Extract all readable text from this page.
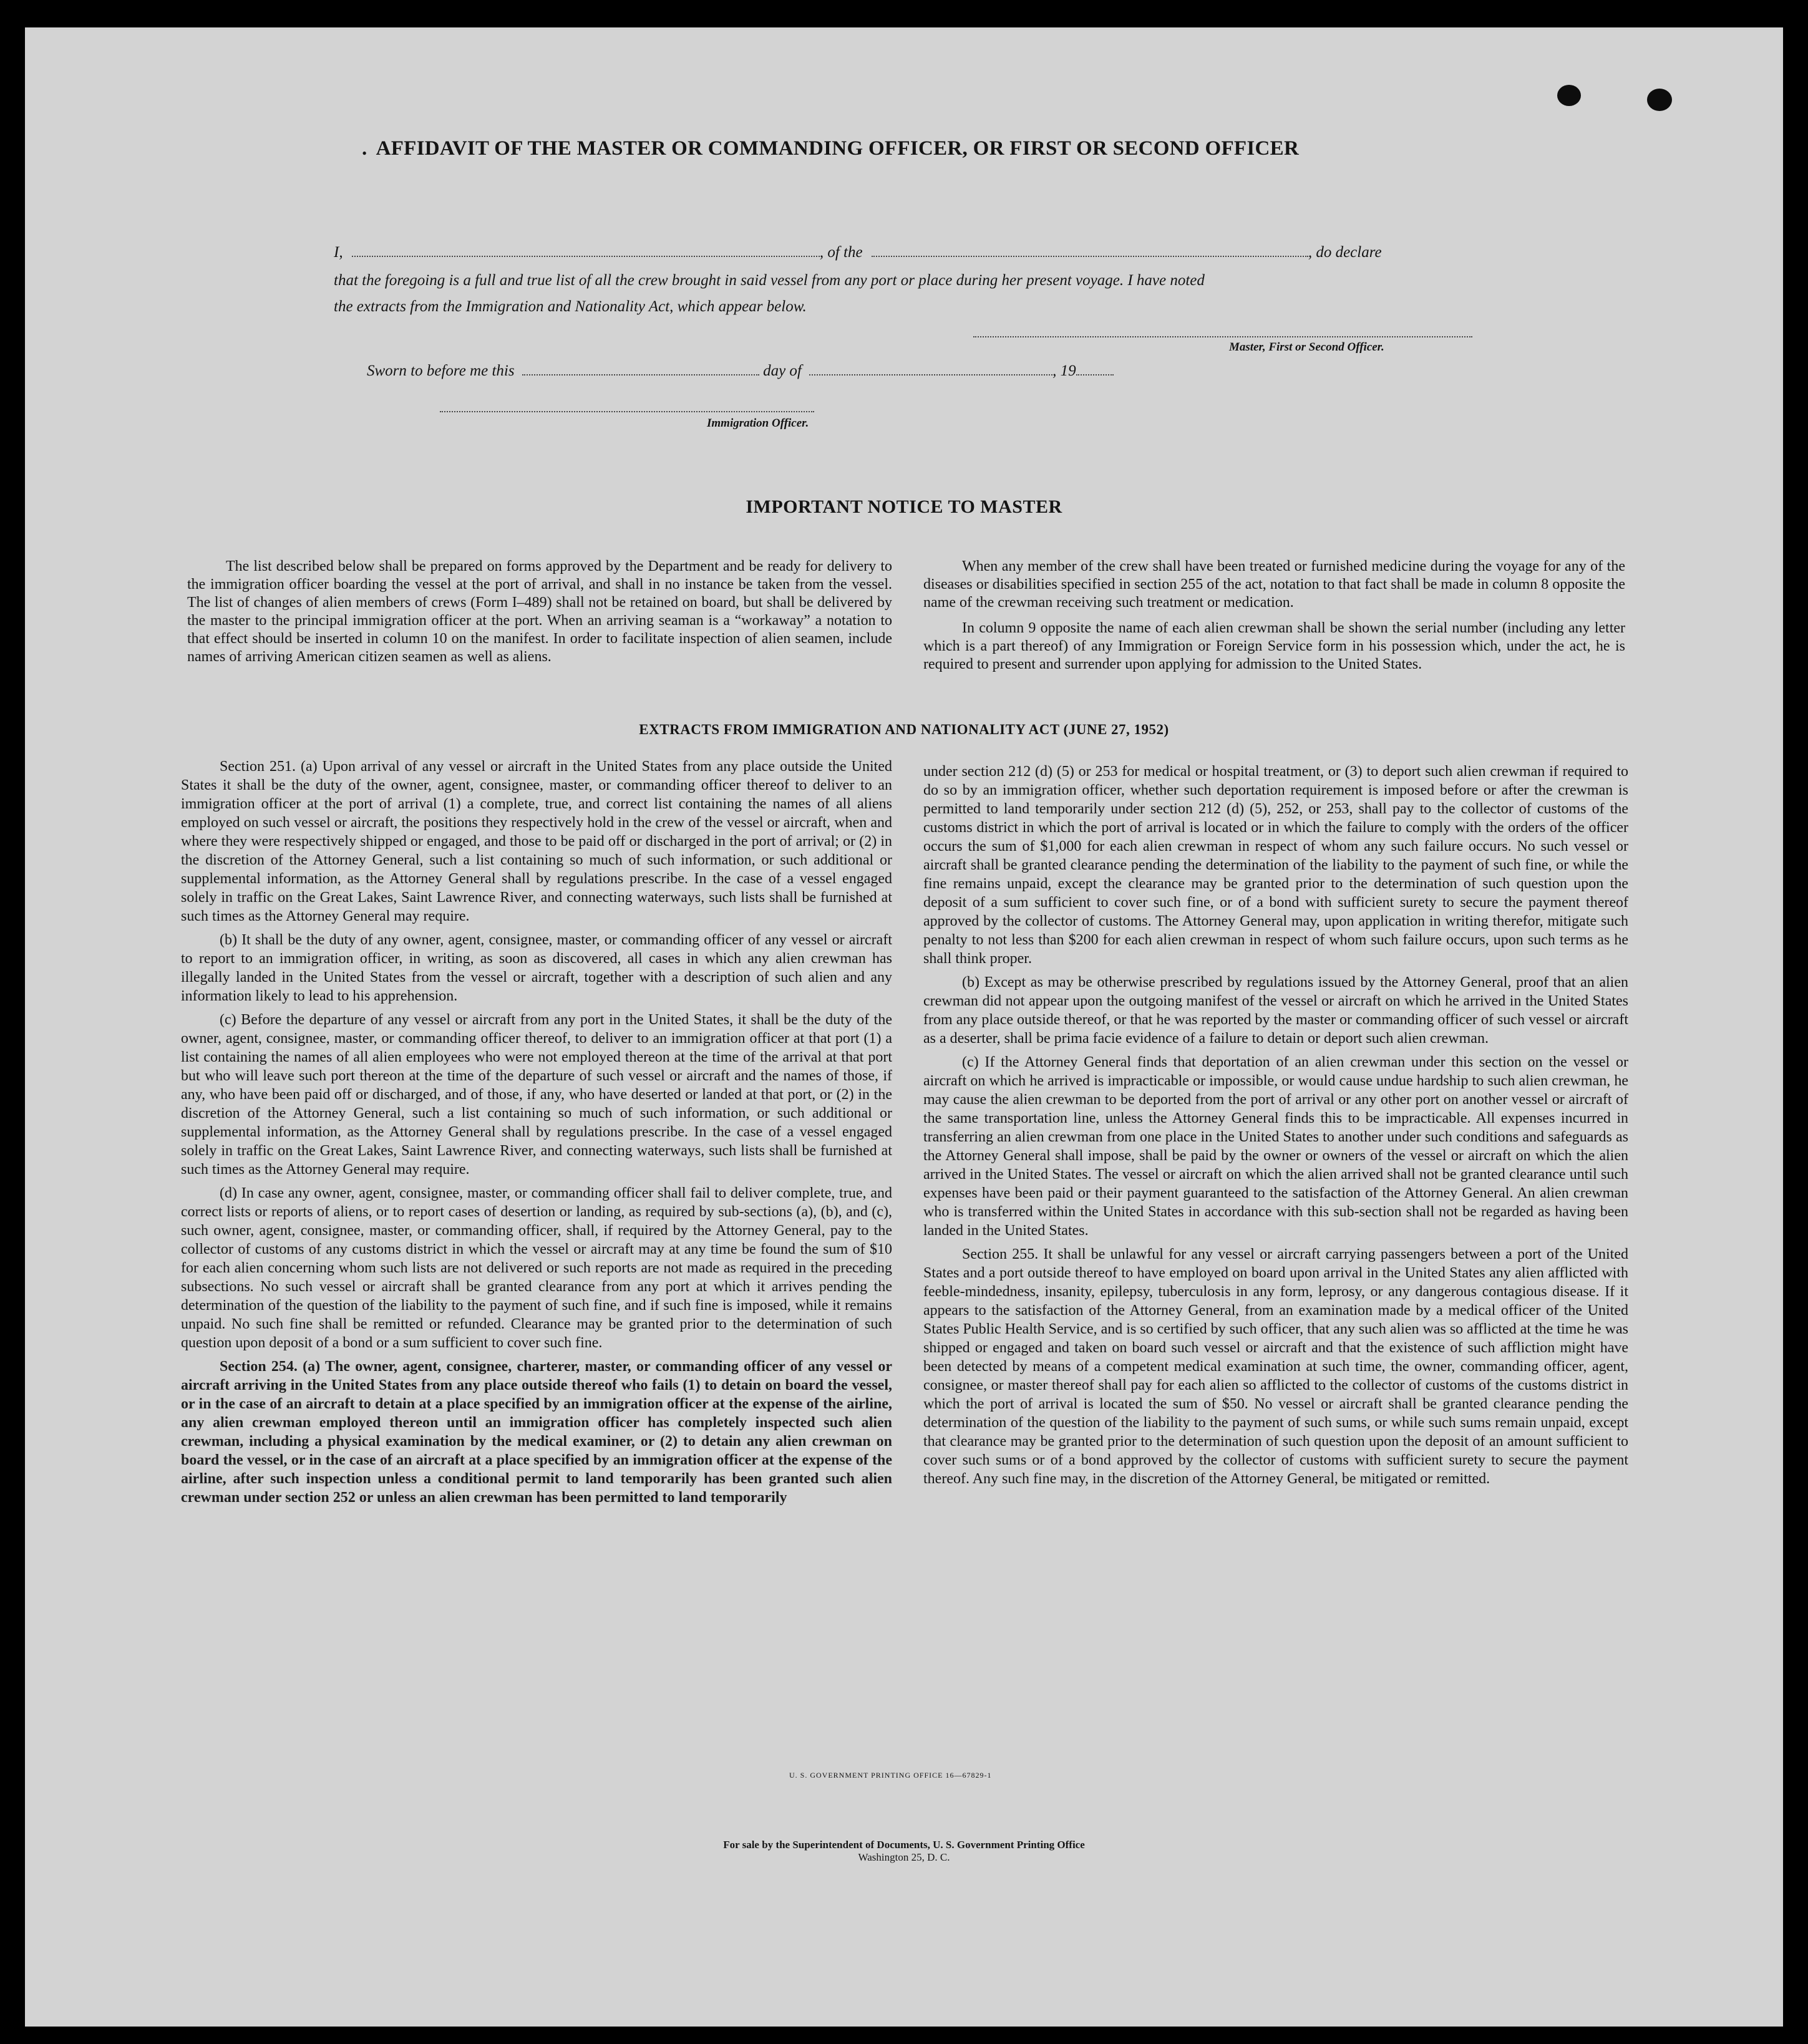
. AFFIDAVIT OF THE MASTER OR COMMANDING OFFICER, OR FIRST OR SECOND OFFICER
I,	, of the	, do declare
that the foregoing is a full and true list of all the crew brought in said vessel from any port or place during her present voyage. I have noted
the extracts from the Immigration and Nationality Act, which appear below.
Master, First or Second Officer.
Sworn to before me this	day of	, 19
Immigration Officer.
IMPORTANT NOTICE TO MASTER

The list described below shall be prepared on forms approved by the Department and be ready for delivery to the immigration officer boarding the vessel at the port of arrival, and shall in no instance be taken from the vessel. The list of changes of alien members of crews (Form I–489) shall not be retained on board, but shall be delivered by the master to the principal immigration officer at the port. When an arriving seaman is a “workaway” a notation to that effect should be inserted in column 10 on the manifest. In order to facilitate inspection of alien seamen, include names of arriving American citizen seamen as well as aliens.

When any member of the crew shall have been treated or furnished medicine during the voyage for any of the diseases or disabilities specified in section 255 of the act, notation to that fact shall be made in column 8 opposite the name of the crewman receiving such treatment or medication.

In column 9 opposite the name of each alien crewman shall be shown the serial number (including any letter which is a part thereof) of any Immigration or Foreign Service form in his possession which, under the act, he is required to present and surrender upon applying for admission to the United States.

EXTRACTS FROM IMMIGRATION AND NATIONALITY ACT (JUNE 27, 1952)

Section 251. (a) Upon arrival of any vessel or aircraft in the United States from any place outside the United States it shall be the duty of the owner, agent, consignee, master, or commanding officer thereof to deliver to an immigration officer at the port of arrival (1) a complete, true, and correct list containing the names of all aliens employed on such vessel or aircraft, the positions they respectively hold in the crew of the vessel or aircraft, when and where they were respectively shipped or engaged, and those to be paid off or discharged in the port of arrival; or (2) in the discretion of the Attorney General, such a list containing so much of such information, or such additional or supplemental information, as the Attorney General shall by regulations prescribe. In the case of a vessel engaged solely in traffic on the Great Lakes, Saint Lawrence River, and connecting waterways, such lists shall be furnished at such times as the Attorney General may require.

(b) It shall be the duty of any owner, agent, consignee, master, or commanding officer of any vessel or aircraft to report to an immigration officer, in writing, as soon as discovered, all cases in which any alien crewman has illegally landed in the United States from the vessel or aircraft, together with a description of such alien and any information likely to lead to his apprehension.

(c) Before the departure of any vessel or aircraft from any port in the United States, it shall be the duty of the owner, agent, consignee, master, or commanding officer thereof, to deliver to an immigration officer at that port (1) a list containing the names of all alien employees who were not employed thereon at the time of the arrival at that port but who will leave such port thereon at the time of the departure of such vessel or aircraft and the names of those, if any, who have been paid off or discharged, and of those, if any, who have deserted or landed at that port, or (2) in the discretion of the Attorney General, such a list containing so much of such information, or such additional or supplemental information, as the Attorney General shall by regulations prescribe. In the case of a vessel engaged solely in traffic on the Great Lakes, Saint Lawrence River, and connecting waterways, such lists shall be furnished at such times as the Attorney General may require.

(d) In case any owner, agent, consignee, master, or commanding officer shall fail to deliver complete, true, and correct lists or reports of aliens, or to report cases of desertion or landing, as required by sub-sections (a), (b), and (c), such owner, agent, consignee, master, or commanding officer, shall, if required by the Attorney General, pay to the collector of customs of any customs district in which the vessel or aircraft may at any time be found the sum of $10 for each alien concerning whom such lists are not delivered or such reports are not made as required in the preceding subsections. No such vessel or aircraft shall be granted clearance from any port at which it arrives pending the determination of the question of the liability to the payment of such fine, and if such fine is imposed, while it remains unpaid. No such fine shall be remitted or refunded. Clearance may be granted prior to the determination of such question upon deposit of a bond or a sum sufficient to cover such fine.

Section 254. (a) The owner, agent, consignee, charterer, master, or commanding officer of any vessel or aircraft arriving in the United States from any place outside thereof who fails (1) to detain on board the vessel, or in the case of an aircraft to detain at a place specified by an immigration officer at the expense of the airline, any alien crewman employed thereon until an immigration officer has completely inspected such alien crewman, including a physical examination by the medical examiner, or (2) to detain any alien crewman on board the vessel, or in the case of an aircraft at a place specified by an immigration officer at the expense of the airline, after such inspection unless a conditional permit to land temporarily has been granted such alien crewman under section 252 or unless an alien crewman has been permitted to land temporarily

under section 212 (d) (5) or 253 for medical or hospital treatment, or (3) to deport such alien crewman if required to do so by an immigration officer, whether such deportation requirement is imposed before or after the crewman is permitted to land temporarily under section 212 (d) (5), 252, or 253, shall pay to the collector of customs of the customs district in which the port of arrival is located or in which the failure to comply with the orders of the officer occurs the sum of $1,000 for each alien crewman in respect of whom any such failure occurs. No such vessel or aircraft shall be granted clearance pending the determination of the liability to the payment of such fine, or while the fine remains unpaid, except the clearance may be granted prior to the determination of such question upon the deposit of a sum sufficient to cover such fine, or of a bond with sufficient surety to secure the payment thereof approved by the collector of customs. The Attorney General may, upon application in writing therefor, mitigate such penalty to not less than $200 for each alien crewman in respect of whom such failure occurs, upon such terms as he shall think proper.

(b) Except as may be otherwise prescribed by regulations issued by the Attorney General, proof that an alien crewman did not appear upon the outgoing manifest of the vessel or aircraft on which he arrived in the United States from any place outside thereof, or that he was reported by the master or commanding officer of such vessel or aircraft as a deserter, shall be prima facie evidence of a failure to detain or deport such alien crewman.

(c) If the Attorney General finds that deportation of an alien crewman under this section on the vessel or aircraft on which he arrived is impracticable or impossible, or would cause undue hardship to such alien crewman, he may cause the alien crewman to be deported from the port of arrival or any other port on another vessel or aircraft of the same transportation line, unless the Attorney General finds this to be impracticable. All expenses incurred in transferring an alien crewman from one place in the United States to another under such conditions and safeguards as the Attorney General shall impose, shall be paid by the owner or owners of the vessel or aircraft on which the alien arrived in the United States. The vessel or aircraft on which the alien arrived shall not be granted clearance until such expenses have been paid or their payment guaranteed to the satisfaction of the Attorney General. An alien crewman who is transferred within the United States in accordance with this sub-section shall not be regarded as having been landed in the United States.

Section 255. It shall be unlawful for any vessel or aircraft carrying passengers between a port of the United States and a port outside thereof to have employed on board upon arrival in the United States any alien afflicted with feeble-mindedness, insanity, epilepsy, tuberculosis in any form, leprosy, or any dangerous contagious disease. If it appears to the satisfaction of the Attorney General, from an examination made by a medical officer of the United States Public Health Service, and is so certified by such officer, that any such alien was so afflicted at the time he was shipped or engaged and taken on board such vessel or aircraft and that the existence of such affliction might have been detected by means of a competent medical examination at such time, the owner, commanding officer, agent, consignee, or master thereof shall pay for each alien so afflicted to the collector of customs of the customs district in which the port of arrival is located the sum of $50. No vessel or aircraft shall be granted clearance pending the determination of the question of the liability to the payment of such sums, or while such sums remain unpaid, except that clearance may be granted prior to the determination of such question upon the deposit of an amount sufficient to cover such sums or of a bond approved by the collector of customs with sufficient surety to secure the payment thereof. Any such fine may, in the discretion of the Attorney General, be mitigated or remitted.

U. S. GOVERNMENT PRINTING OFFICE 16—67829-1
For sale by the Superintendent of Documents, U. S. Government Printing Office
Washington 25, D. C.
